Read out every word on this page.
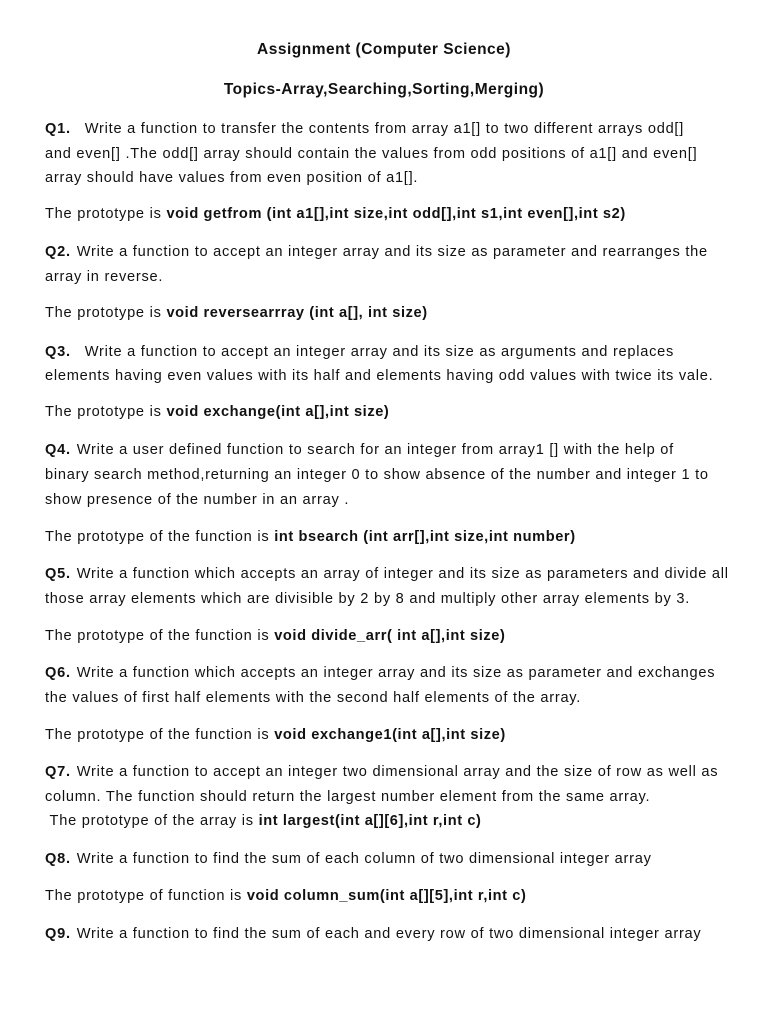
Assignment (Computer Science)
Topics-Array,Searching,Sorting,Merging)
Q1. Write a function to transfer the contents from array a1[] to two different arrays odd[]
and even[] .The odd[] array should contain the values from odd positions of a1[] and even[]
array should have values from even position of a1[].
The prototype is void getfrom (int a1[],int size,int odd[],int s1,int even[],int s2)
Q2. Write a function to accept an integer array and its size as parameter and rearranges the
array in reverse.
The prototype is void reversearrray (int a[], int size)
Q3. Write a function to accept an integer array and its size as arguments and replaces
elements having even values with its half and elements having odd values with twice its vale.
The prototype is void exchange(int a[],int size)
Q4. Write a user defined function to search for an integer from array1 [] with the help of
binary search method,returning an integer 0 to show absence of the number and integer 1 to
show presence of the number in an array .
The prototype of the function is int bsearch (int arr[],int size,int number)
Q5. Write a function which accepts an array of integer and its size as parameters and divide all
those array elements which are divisible by 2 by 8 and multiply other array elements by 3.
The prototype of the function is void divide_arr( int a[],int size)
Q6. Write a function which accepts an integer array and its size as parameter and exchanges
the values of first half elements with the second half elements of the array.
The prototype of the function is void exchange1(int a[],int size)
Q7. Write a function to accept an integer two dimensional array and the size of row as well as
column. The function should return the largest number element from the same array.
The prototype of the array is int largest(int a[][6],int r,int c)
Q8. Write a function to find the sum of each column of two dimensional integer array
The prototype of function is void column_sum(int a[][5],int r,int c)
Q9. Write a function to find the sum of each and every row of two dimensional integer array
